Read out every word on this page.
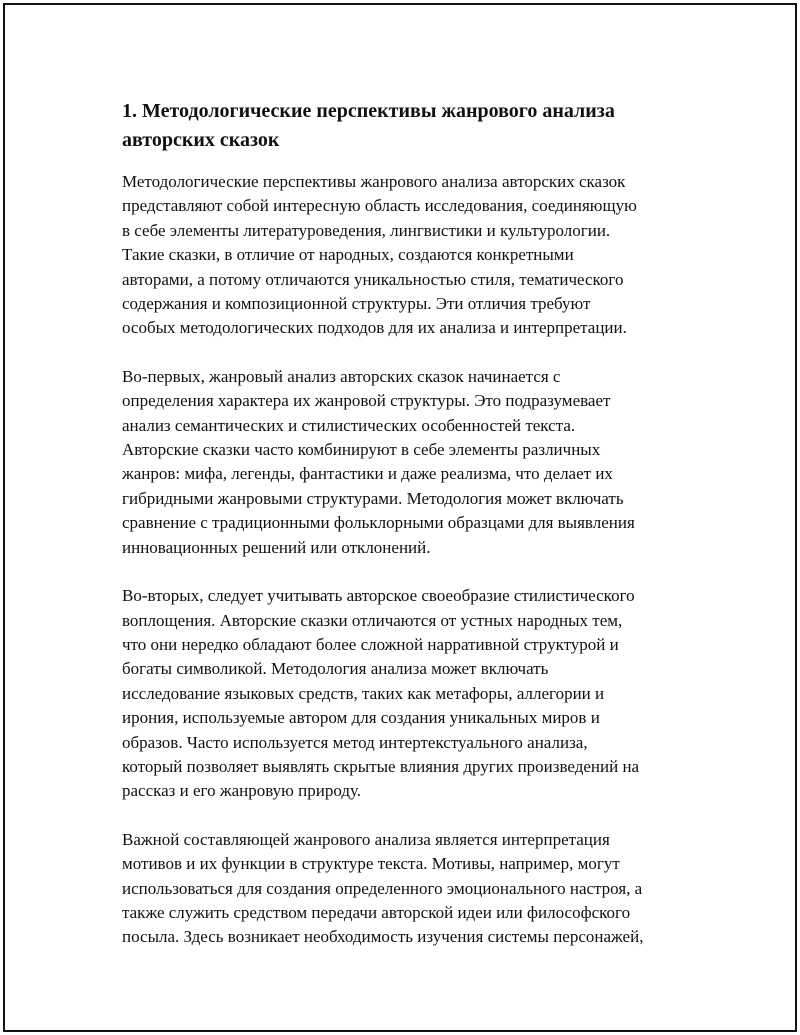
1. Методологические перспективы жанрового анализа
авторских сказок

Методологические перспективы жанрового анализа авторских сказок
представляют собой интересную область исследования, соединяющую
в себе элементы литературоведения, лингвистики и культурологии.
Такие сказки, в отличие от народных, создаются конкретными
авторами, а потому отличаются уникальностью стиля, тематического
содержания и композиционной структуры. Эти отличия требуют
особых методологических подходов для их анализа и интерпретации.

Во-первых, жанровый анализ авторских сказок начинается с
определения характера их жанровой структуры. Это подразумевает
анализ семантических и стилистических особенностей текста.
Авторские сказки часто комбинируют в себе элементы различных
жанров: мифа, легенды, фантастики и даже реализма, что делает их
гибридными жанровыми структурами. Методология может включать
сравнение с традиционными фольклорными образцами для выявления
инновационных решений или отклонений.

Во-вторых, следует учитывать авторское своеобразие стилистического
воплощения. Авторские сказки отличаются от устных народных тем,
что они нередко обладают более сложной нарративной структурой и
богаты символикой. Методология анализа может включать
исследование языковых средств, таких как метафоры, аллегории и
ирония, используемые автором для создания уникальных миров и
образов. Часто используется метод интертекстуального анализа,
который позволяет выявлять скрытые влияния других произведений на
рассказ и его жанровую природу.

Важной составляющей жанрового анализа является интерпретация
мотивов и их функции в структуре текста. Мотивы, например, могут
использоваться для создания определенного эмоционального настроя, а
также служить средством передачи авторской идеи или философского
посыла. Здесь возникает необходимость изучения системы персонажей,
